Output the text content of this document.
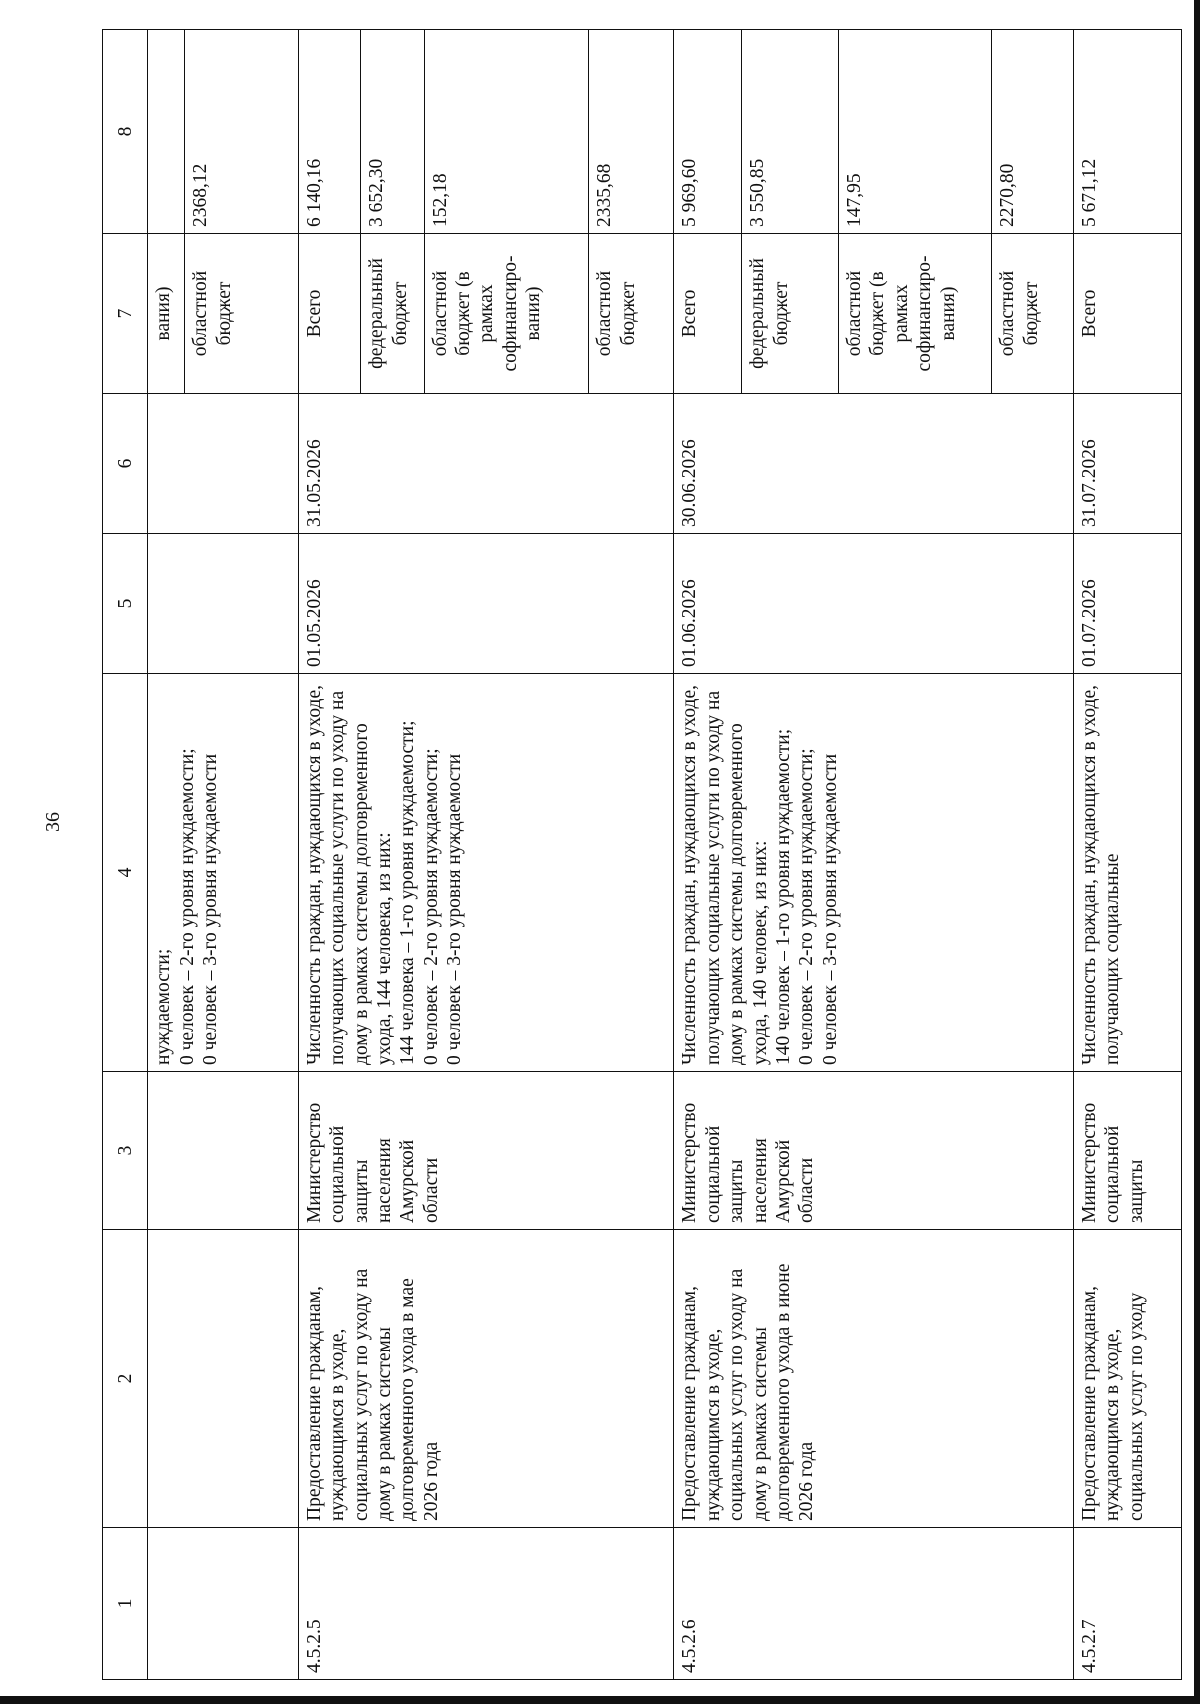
36
1	2	3	4	5	6	7	8
			нуждаемости;
0 человек – 2-го уровня нуждаемости;
0 человек – 3-го уровня нуждаемости			вания)	
						областной бюджет	2368,12
4.5.2.5	Предоставление гражданам, нуждающимся в уходе, социальных услуг по уходу на дому в рамках системы долговременного ухода в мае 2026 года	Министерство социальной защиты населения Амурской области	Численность граждан, нуждающихся в уходе, получающих социальные услуги по уходу на дому в рамках системы долговременного ухода, 144 человека, из них:
144 человека – 1-го уровня нуждаемости;
0 человек – 2-го уровня нуждаемости;
0 человек – 3-го уровня нуждаемости	01.05.2026	31.05.2026	Всего	6 140,16
						федеральный бюджет	3 652,30
						областной бюджет (в рамках софинансиро-вания)	152,18
						областной бюджет	2335,68
4.5.2.6	Предоставление гражданам, нуждающимся в уходе, социальных услуг по уходу на дому в рамках системы долговременного ухода в июне 2026 года	Министерство социальной защиты населения Амурской области	Численность граждан, нуждающихся в уходе, получающих социальные услуги по уходу на дому в рамках системы долговременного ухода, 140 человек, из них:
140 человек – 1-го уровня нуждаемости;
0 человек – 2-го уровня нуждаемости;
0 человек – 3-го уровня нуждаемости	01.06.2026	30.06.2026	Всего	5 969,60
						федеральный бюджет	3 550,85
						областной бюджет (в рамках софинансиро-вания)	147,95
						областной бюджет	2270,80
4.5.2.7	Предоставление гражданам, нуждающимся в уходе, социальных услуг по уходу	Министерство социальной защиты	Численность граждан, нуждающихся в уходе, получающих социальные	01.07.2026	31.07.2026	Всего	5 671,12
